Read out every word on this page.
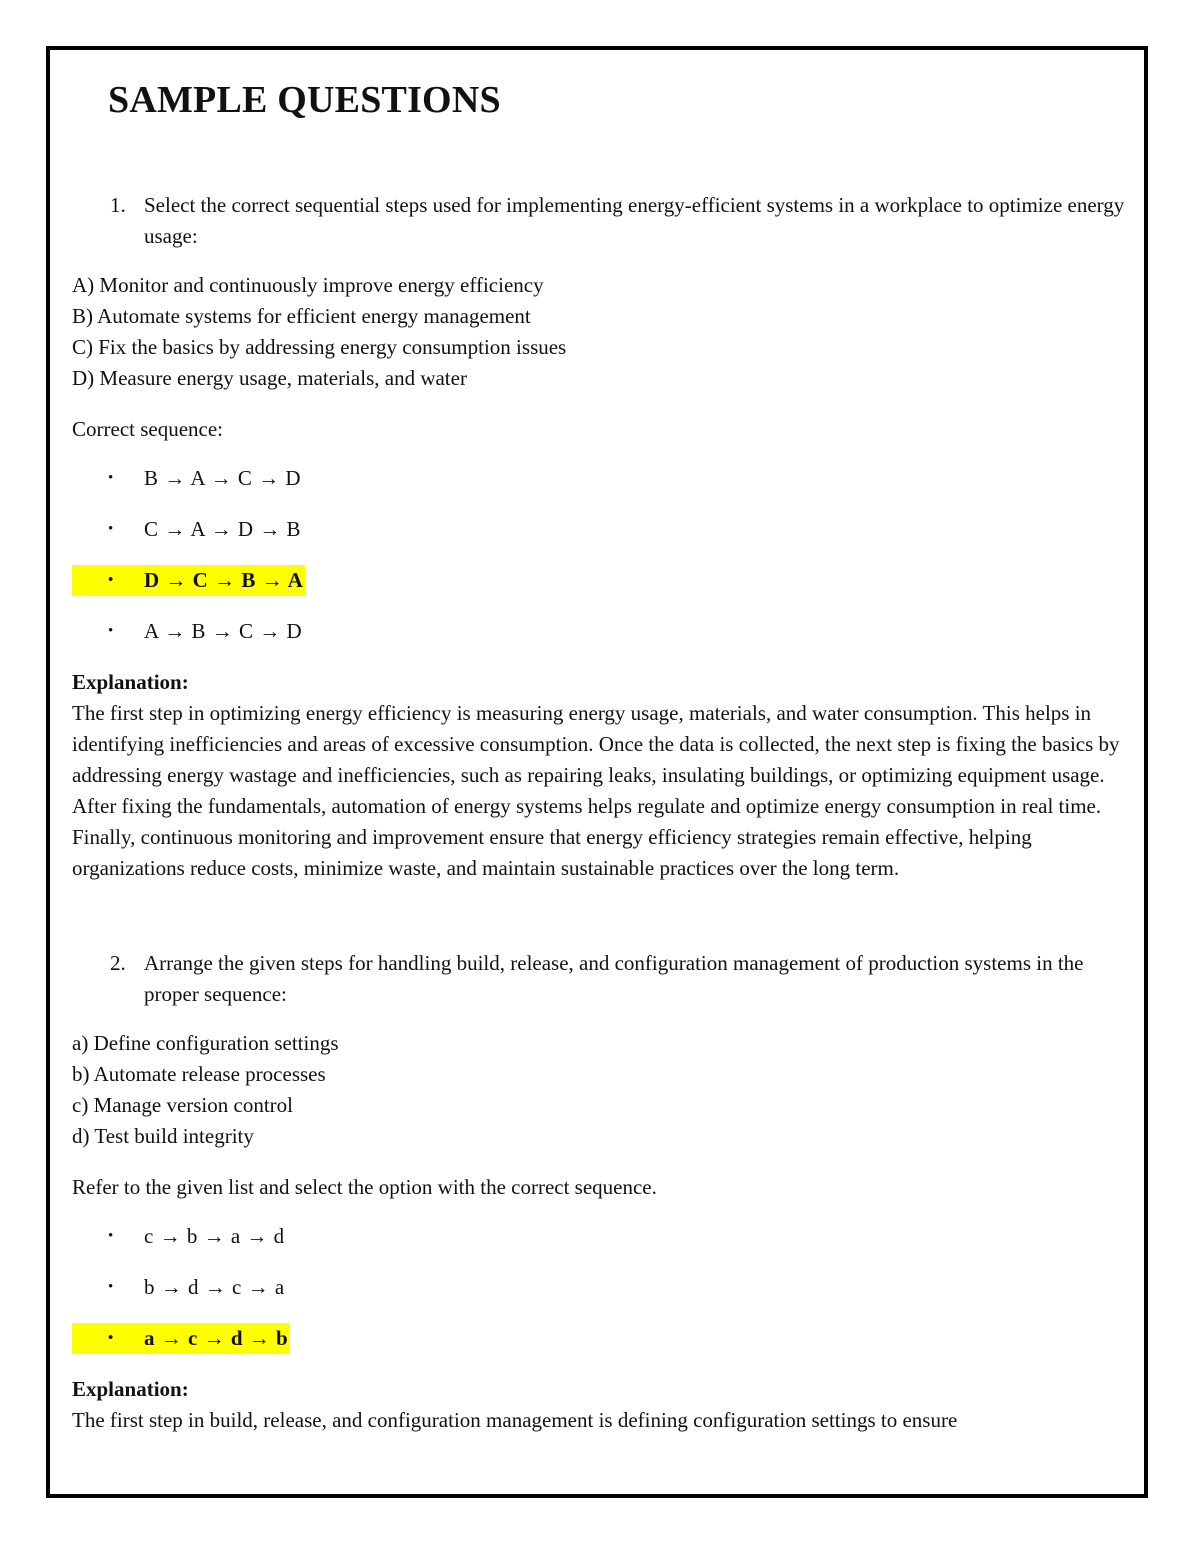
SAMPLE QUESTIONS
1. Select the correct sequential steps used for implementing energy-efficient systems in a workplace to optimize energy usage:
A) Monitor and continuously improve energy efficiency
B) Automate systems for efficient energy management
C) Fix the basics by addressing energy consumption issues
D) Measure energy usage, materials, and water
Correct sequence:
•	B → A → C → D
•	C → A → D → B
•	D → C → B → A
•	A → B → C → D
Explanation:
The first step in optimizing energy efficiency is measuring energy usage, materials, and water consumption. This helps in identifying inefficiencies and areas of excessive consumption. Once the data is collected, the next step is fixing the basics by addressing energy wastage and inefficiencies, such as repairing leaks, insulating buildings, or optimizing equipment usage. After fixing the fundamentals, automation of energy systems helps regulate and optimize energy consumption in real time. Finally, continuous monitoring and improvement ensure that energy efficiency strategies remain effective, helping organizations reduce costs, minimize waste, and maintain sustainable practices over the long term.
2. Arrange the given steps for handling build, release, and configuration management of production systems in the proper sequence:
a) Define configuration settings
b) Automate release processes
c) Manage version control
d) Test build integrity
Refer to the given list and select the option with the correct sequence.
•	c → b → a → d
•	b → d → c → a
•	a → c → d → b
Explanation:
The first step in build, release, and configuration management is defining configuration settings to ensure
